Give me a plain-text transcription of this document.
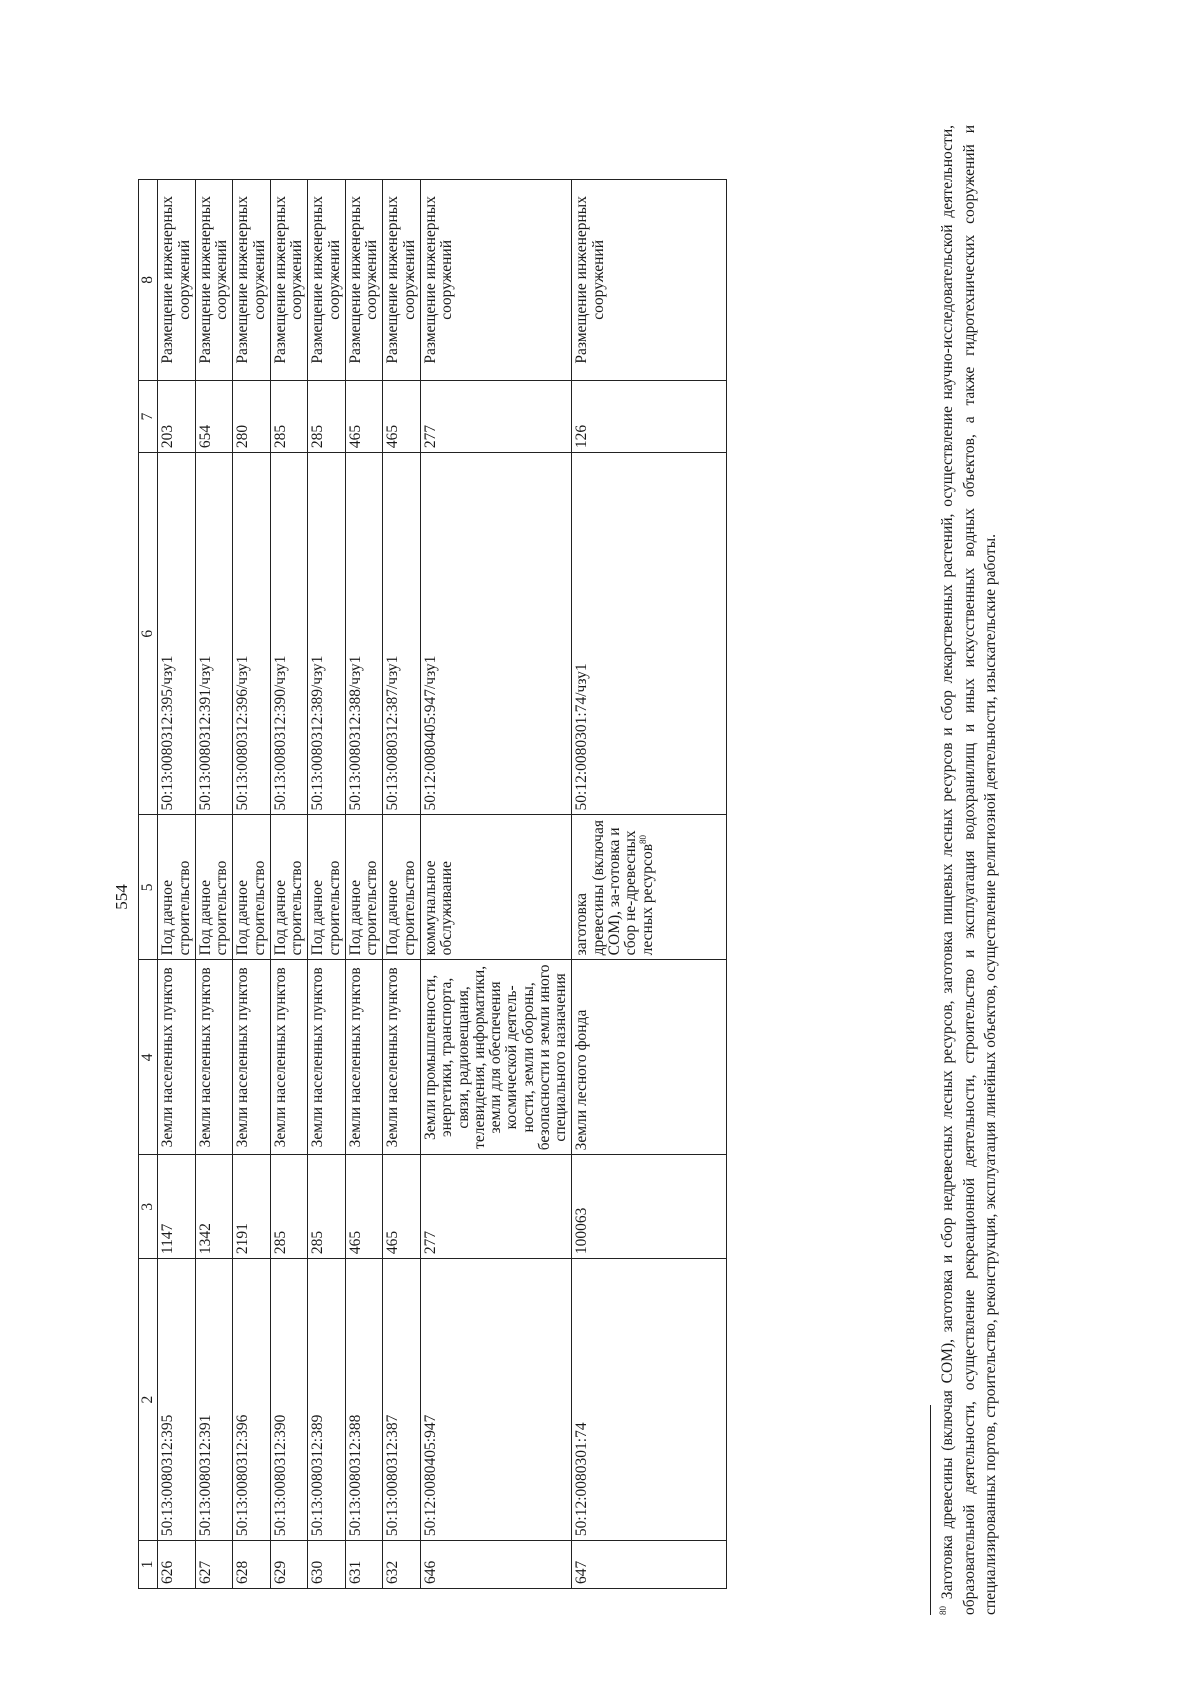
554
1	2	3	4	5	6	7	8
626	50:13:0080312:395	1147	Земли населенных пунктов	Под дачное строительство	50:13:0080312:395/чзу1	203	Размещение инженерных сооружений
627	50:13:0080312:391	1342	Земли населенных пунктов	Под дачное строительство	50:13:0080312:391/чзу1	654	Размещение инженерных сооружений
628	50:13:0080312:396	2191	Земли населенных пунктов	Под дачное строительство	50:13:0080312:396/чзу1	280	Размещение инженерных сооружений
629	50:13:0080312:390	285	Земли населенных пунктов	Под дачное строительство	50:13:0080312:390/чзу1	285	Размещение инженерных сооружений
630	50:13:0080312:389	285	Земли населенных пунктов	Под дачное строительство	50:13:0080312:389/чзу1	285	Размещение инженерных сооружений
631	50:13:0080312:388	465	Земли населенных пунктов	Под дачное строительство	50:13:0080312:388/чзу1	465	Размещение инженерных сооружений
632	50:13:0080312:387	465	Земли населенных пунктов	Под дачное строительство	50:13:0080312:387/чзу1	465	Размещение инженерных сооружений
646	50:12:0080405:947	277	Земли промышленности, энергетики, транспорта, связи, радиовещания, телевидения, информатики, земли для обеспечения космической деятель-ности, земли обороны, безопасности и земли иного специального назначения	коммунальное обслуживание	50:12:0080405:947/чзу1	277	Размещение инженерных сооружений
647	50:12:0080301:74	100063	Земли лесного фонда	заготовка древесины (включая СОМ), за-готовка и сбор не-древесных лесных ресурсов$^{80}$	50:12:0080301:74/чзу1	126	Размещение инженерных сооружений
$^{80}$ Заготовка древесины (включая СОМ), заготовка и сбор недревесных лесных ресурсов, заготовка пищевых лесных ресурсов и сбор лекарственных растений, осуществление научно-исследовательской деятельности, образовательной деятельности, осуществление рекреационной деятельности, строительство и эксплуатация водохранилищ и иных искусственных водных объектов, а также гидротехнических сооружений и специализированных портов, строительство, реконструкция, эксплуатация линейных объектов, осуществление религиозной деятельности, изыскательские работы.
